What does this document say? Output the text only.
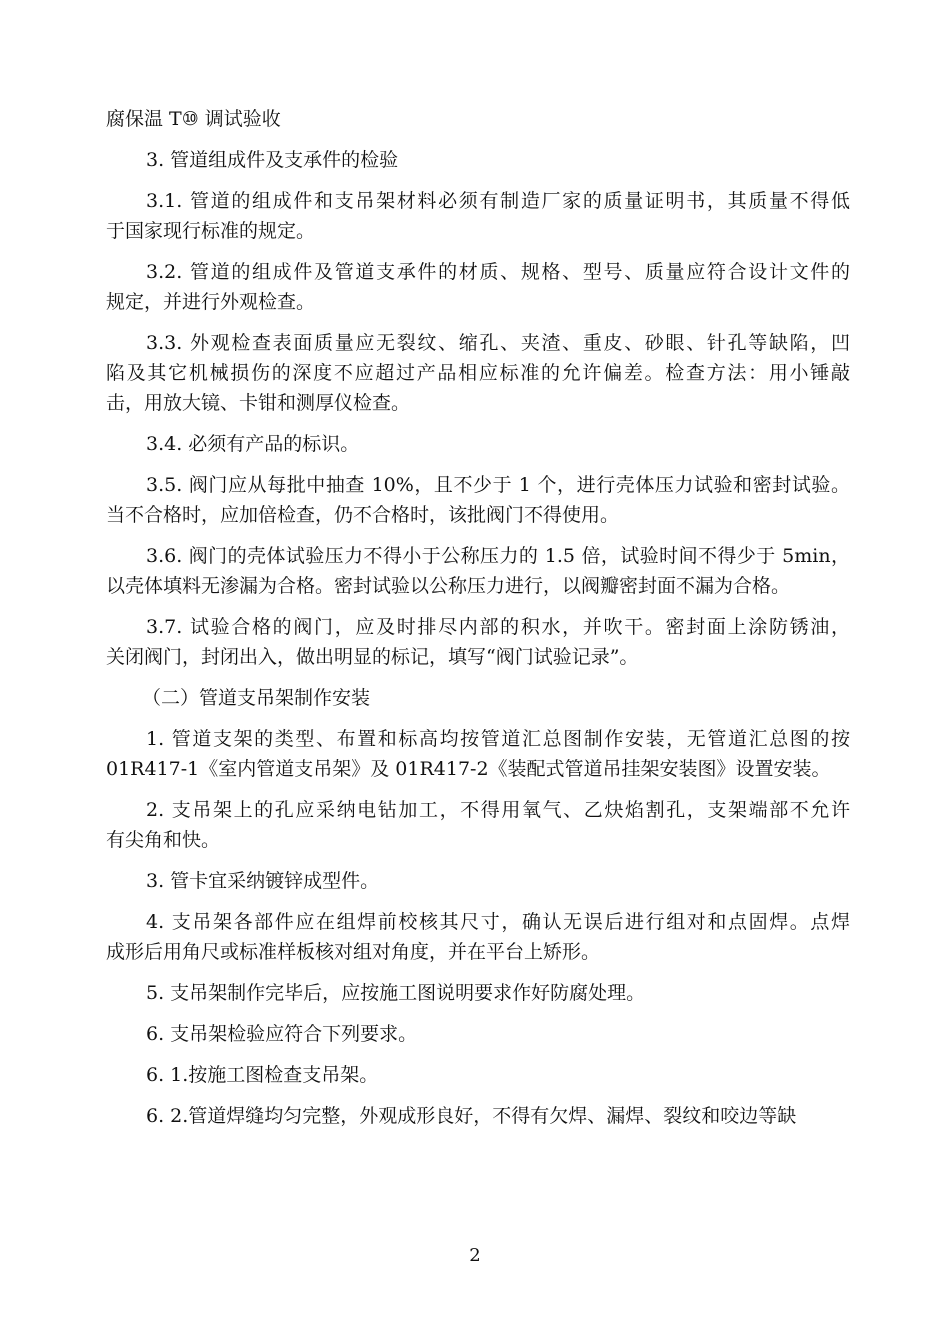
腐保温 T⑩ 调试验收
3. 管道组成件及支承件的检验
3.1. 管道的组成件和支吊架材料必须有制造厂家的质量证明书，其质量不得低
于国家现行标准的规定。
3.2. 管道的组成件及管道支承件的材质、规格、型号、质量应符合设计文件的
规定，并进行外观检查。
3.3. 外观检查表面质量应无裂纹、缩孔、夹渣、重皮、砂眼、针孔等缺陷，凹
陷及其它机械损伤的深度不应超过产品相应标准的允许偏差。检查方法：用小锤敲
击，用放大镜、卡钳和测厚仪检查。
3.4. 必须有产品的标识。
3.5. 阀门应从每批中抽查 10%，且不少于 1 个，进行壳体压力试验和密封试验。
当不合格时，应加倍检查，仍不合格时，该批阀门不得使用。
3.6. 阀门的壳体试验压力不得小于公称压力的 1.5 倍，试验时间不得少于 5min，
以壳体填料无渗漏为合格。密封试验以公称压力进行，以阀瓣密封面不漏为合格。
3.7. 试验合格的阀门，应及时排尽内部的积水，并吹干。密封面上涂防锈油，
关闭阀门，封闭出入，做出明显的标记，填写“阀门试验记录”。
（二）管道支吊架制作安装
1. 管道支架的类型、布置和标高均按管道汇总图制作安装，无管道汇总图的按
01R417-1《室内管道支吊架》及 01R417-2《装配式管道吊挂架安装图》设置安装。
2. 支吊架上的孔应采纳电钻加工，不得用氧气、乙炔焰割孔，支架端部不允许
有尖角和快。
3. 管卡宜采纳镀锌成型件。
4. 支吊架各部件应在组焊前校核其尺寸，确认无误后进行组对和点固焊。点焊
成形后用角尺或标准样板核对组对角度，并在平台上矫形。
5. 支吊架制作完毕后，应按施工图说明要求作好防腐处理。
6. 支吊架检验应符合下列要求。
6. 1.按施工图检查支吊架。
6. 2.管道焊缝均匀完整，外观成形良好，不得有欠焊、漏焊、裂纹和咬边等缺
2
